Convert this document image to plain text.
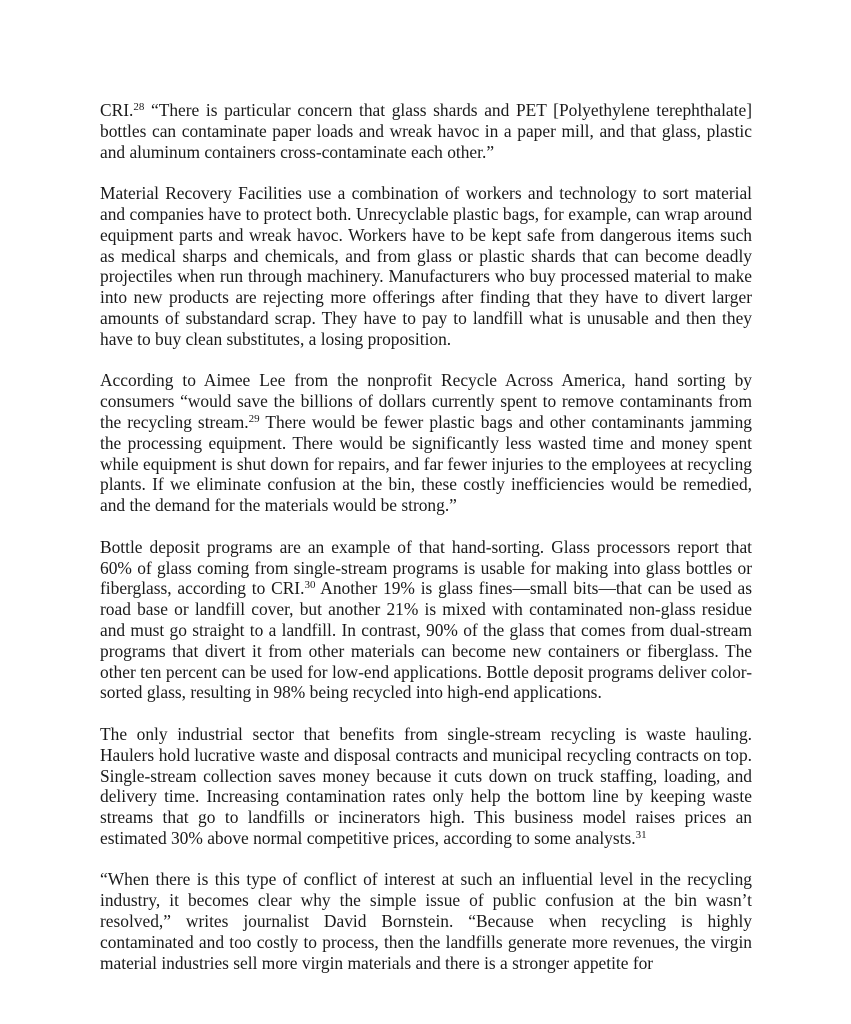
CRI.$^{28}$ “There is particular concern that glass shards and PET [Polyethylene terephthalate] bottles can contaminate paper loads and wreak havoc in a paper mill, and that glass, plastic and aluminum containers cross-contaminate each other.”

Material Recovery Facilities use a combination of workers and technology to sort material and companies have to protect both. Unrecyclable plastic bags, for example, can wrap around equipment parts and wreak havoc. Workers have to be kept safe from dangerous items such as medical sharps and chemicals, and from glass or plastic shards that can become deadly projectiles when run through machinery. Manufacturers who buy processed material to make into new products are rejecting more offerings after finding that they have to divert larger amounts of substandard scrap. They have to pay to landfill what is unusable and then they have to buy clean substitutes, a losing proposition.

According to Aimee Lee from the nonprofit Recycle Across America, hand sorting by consumers “would save the billions of dollars currently spent to remove contaminants from the recycling stream.$^{29}$ There would be fewer plastic bags and other contaminants jamming the processing equipment. There would be significantly less wasted time and money spent while equipment is shut down for repairs, and far fewer injuries to the employees at recycling plants. If we eliminate confusion at the bin, these costly inefficiencies would be remedied, and the demand for the materials would be strong.”

Bottle deposit programs are an example of that hand-sorting. Glass processors report that 60% of glass coming from single-stream programs is usable for making into glass bottles or fiberglass, according to CRI.$^{30}$ Another 19% is glass fines—small bits—that can be used as road base or landfill cover, but another 21% is mixed with contaminated non-glass residue and must go straight to a landfill. In contrast, 90% of the glass that comes from dual-stream programs that divert it from other materials can become new containers or fiberglass. The other ten percent can be used for low-end applications. Bottle deposit programs deliver color-sorted glass, resulting in 98% being recycled into high-end applications.

The only industrial sector that benefits from single-stream recycling is waste hauling. Haulers hold lucrative waste and disposal contracts and municipal recycling contracts on top. Single-stream collection saves money because it cuts down on truck staffing, loading, and delivery time. Increasing contamination rates only help the bottom line by keeping waste streams that go to landfills or incinerators high. This business model raises prices an estimated 30% above normal competitive prices, according to some analysts.$^{31}$

“When there is this type of conflict of interest at such an influential level in the recycling industry, it becomes clear why the simple issue of public confusion at the bin wasn’t resolved,” writes journalist David Bornstein. “Because when recycling is highly contaminated and too costly to process, then the landfills generate more revenues, the virgin material industries sell more virgin materials and there is a stronger appetite for
